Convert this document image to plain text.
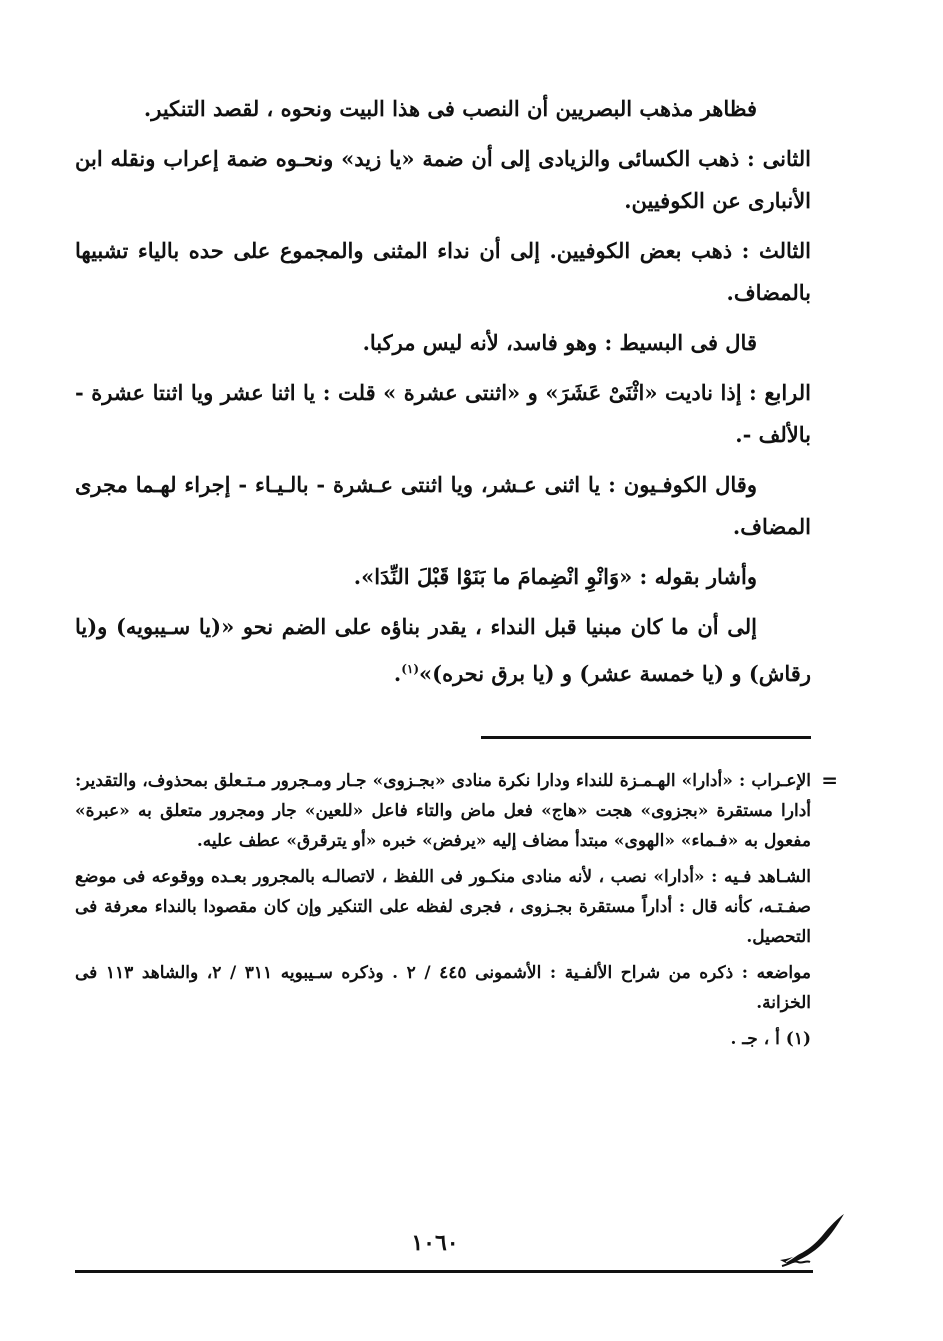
فظاهر مذهب البصريين أن النصب فى هذا البيت ونحوه ، لقصد التنكير.

الثانى : ذهب الكسائى والزيادى إلى أن ضمة «يا زيد» ونحـوه ضمة إعراب ونقله ابن الأنبارى عن الكوفيين.

الثالث : ذهب بعض الكوفيين. إلى أن نداء المثنى والمجموع على حده بالياء تشبيها بالمضاف.

قال فى البسيط : وهو فاسد، لأنه ليس مركبا.

الرابع : إذا ناديت «اثْنَىْ عَشَرَ» و «اثنتى عشرة » قلت : يا اثنا عشر ويا اثنتا عشرة - بالألف -.

وقال الكوفـيون : يا اثنى عـشر، ويا اثنتى عـشرة - بالـيـاء - إجراء لهـما مجرى المضاف.

وأشار بقوله : «وَانْوِ انْضِمامَ ما بَنَوْا قَبْلَ النِّدَا».

إلى أن ما كان مبنيا قبل النداء ، يقدر بناؤه على الضم نحو «(يا سـيبويه) و(يا رقاش) و (يا خمسة عشر) و (يا برق نحره)»$^{(١)}$.

=

الإعـراب : «أدارا» الهـمـزة للنداء ودارا نكرة منادى «بجـزوى» جـار ومـجرور مـتـعلق بمحذوف، والتقدير: أدارا مستقرة «بجزوى» هجت «هاج» فعل ماض والتاء فاعل «للعين» جار ومجرور متعلق به «عبرة» مفعول به «فـماء» «الهوى» مبتدأ مضاف إليه «يرفض» خبره «أو يترقرق» عطف عليه.

الشـاهد فـيه : «أدارا» نصب ، لأنه منادى منكـور فى اللفظ ، لاتصالـه بالمجرور بعـده ووقوعه فى موضع صفـتـه، كأنه قال : أداراً مستقرة بجـزوى ، فجرى لفظه على التنكير وإن كان مقصودا بالنداء معرفة فى التحصيل.

مواضعه : ذكره من شراح الألفـية : الأشمونى ٤٤٥ / ٢ . وذكره سـيبويه ٣١١ / ٢، والشاهد ١١٣ فى الخزانة.

(١) أ ، جـ .

١٠٦٠
